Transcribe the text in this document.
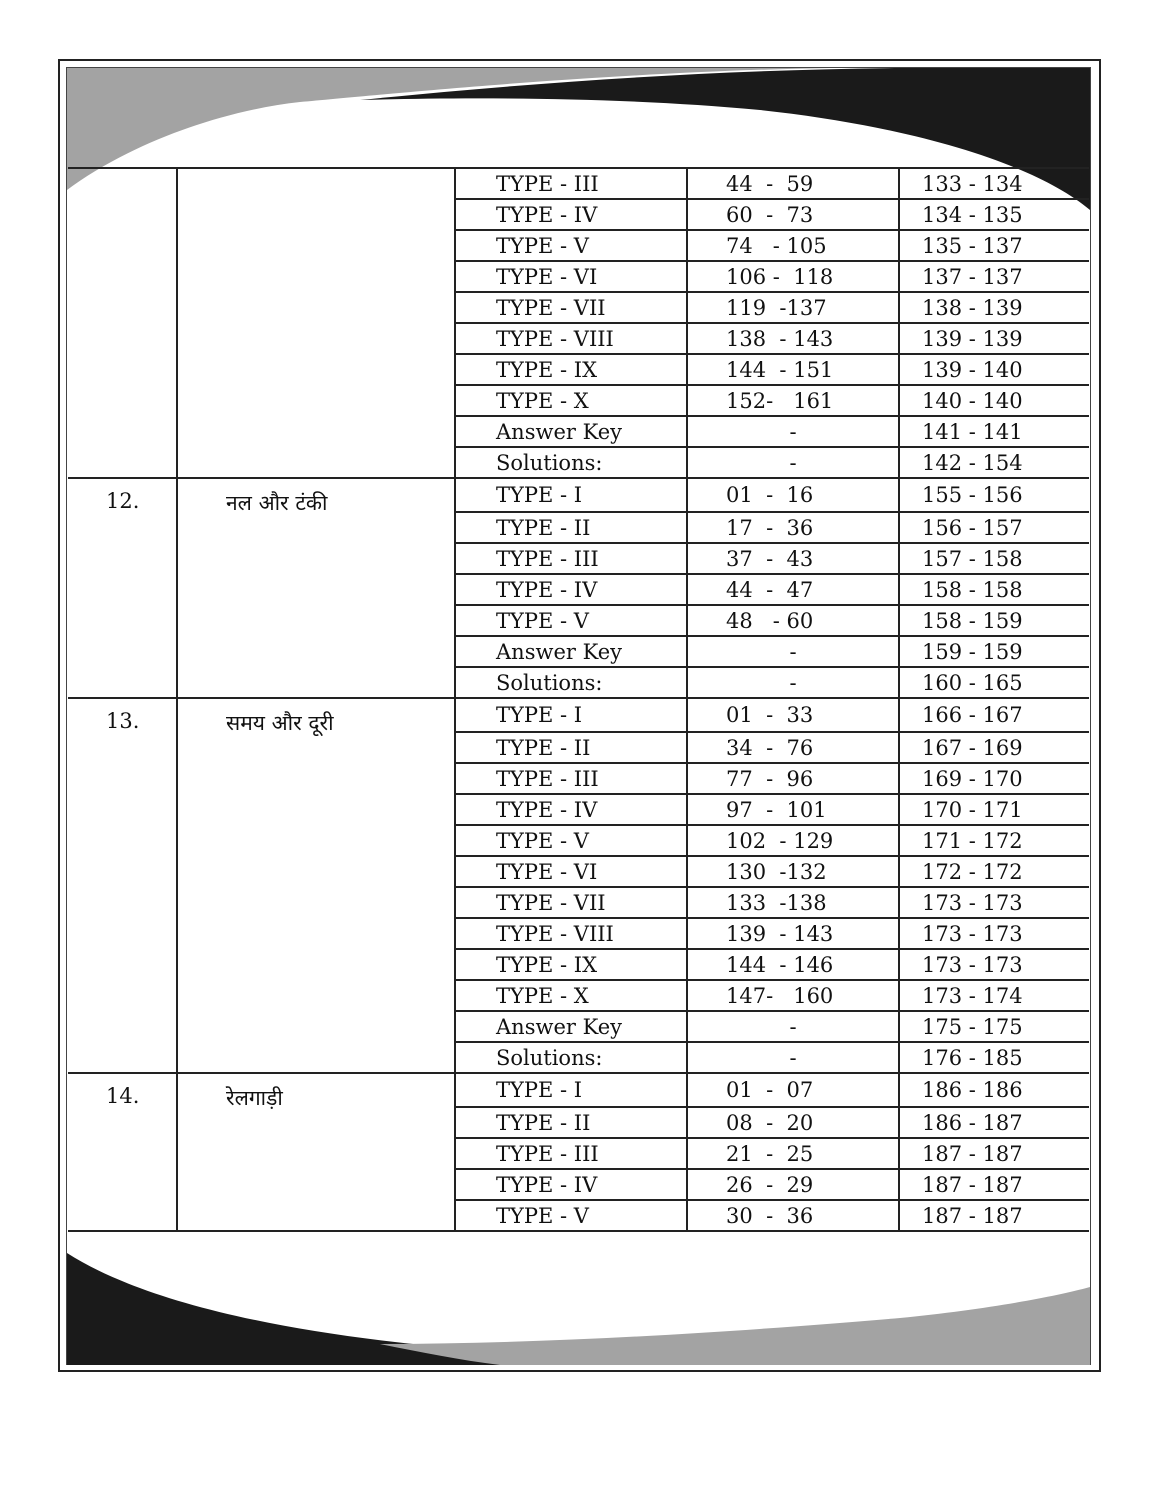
		TYPE - III	44  -  59	133 - 134
		TYPE - IV	60  -  73	134 - 135
		TYPE - V	74   - 105	135 - 137
		TYPE - VI	106 -  118	137 - 137
		TYPE - VII	119  -137	138 - 139
		TYPE - VIII	138  - 143	139 - 139
		TYPE - IX	144  - 151	139 - 140
		TYPE - X	152-   161	140 - 140
		Answer Key	-	141 - 141
		Solutions:	-	142 - 154
12.	नल और टंकी	TYPE - I	01  -  16	155 - 156
		TYPE - II	17  -  36	156 - 157
		TYPE - III	37  -  43	157 - 158
		TYPE - IV	44  -  47	158 - 158
		TYPE - V	48   - 60	158 - 159
		Answer Key	-	159 - 159
		Solutions:	-	160 - 165
13.	समय और दूरी	TYPE - I	01  -  33	166 - 167
		TYPE - II	34  -  76	167 - 169
		TYPE - III	77  -  96	169 - 170
		TYPE - IV	97  -  101	170 - 171
		TYPE - V	102  - 129	171 - 172
		TYPE - VI	130  -132	172 - 172
		TYPE - VII	133  -138	173 - 173
		TYPE - VIII	139  - 143	173 - 173
		TYPE - IX	144  - 146	173 - 173
		TYPE - X	147-   160	173 - 174
		Answer Key	-	175 - 175
		Solutions:	-	176 - 185
14.	रेलगाड़ी	TYPE - I	01  -  07	186 - 186
		TYPE - II	08  -  20	186 - 187
		TYPE - III	21  -  25	187 - 187
		TYPE - IV	26  -  29	187 - 187
		TYPE - V	30  -  36	187 - 187
